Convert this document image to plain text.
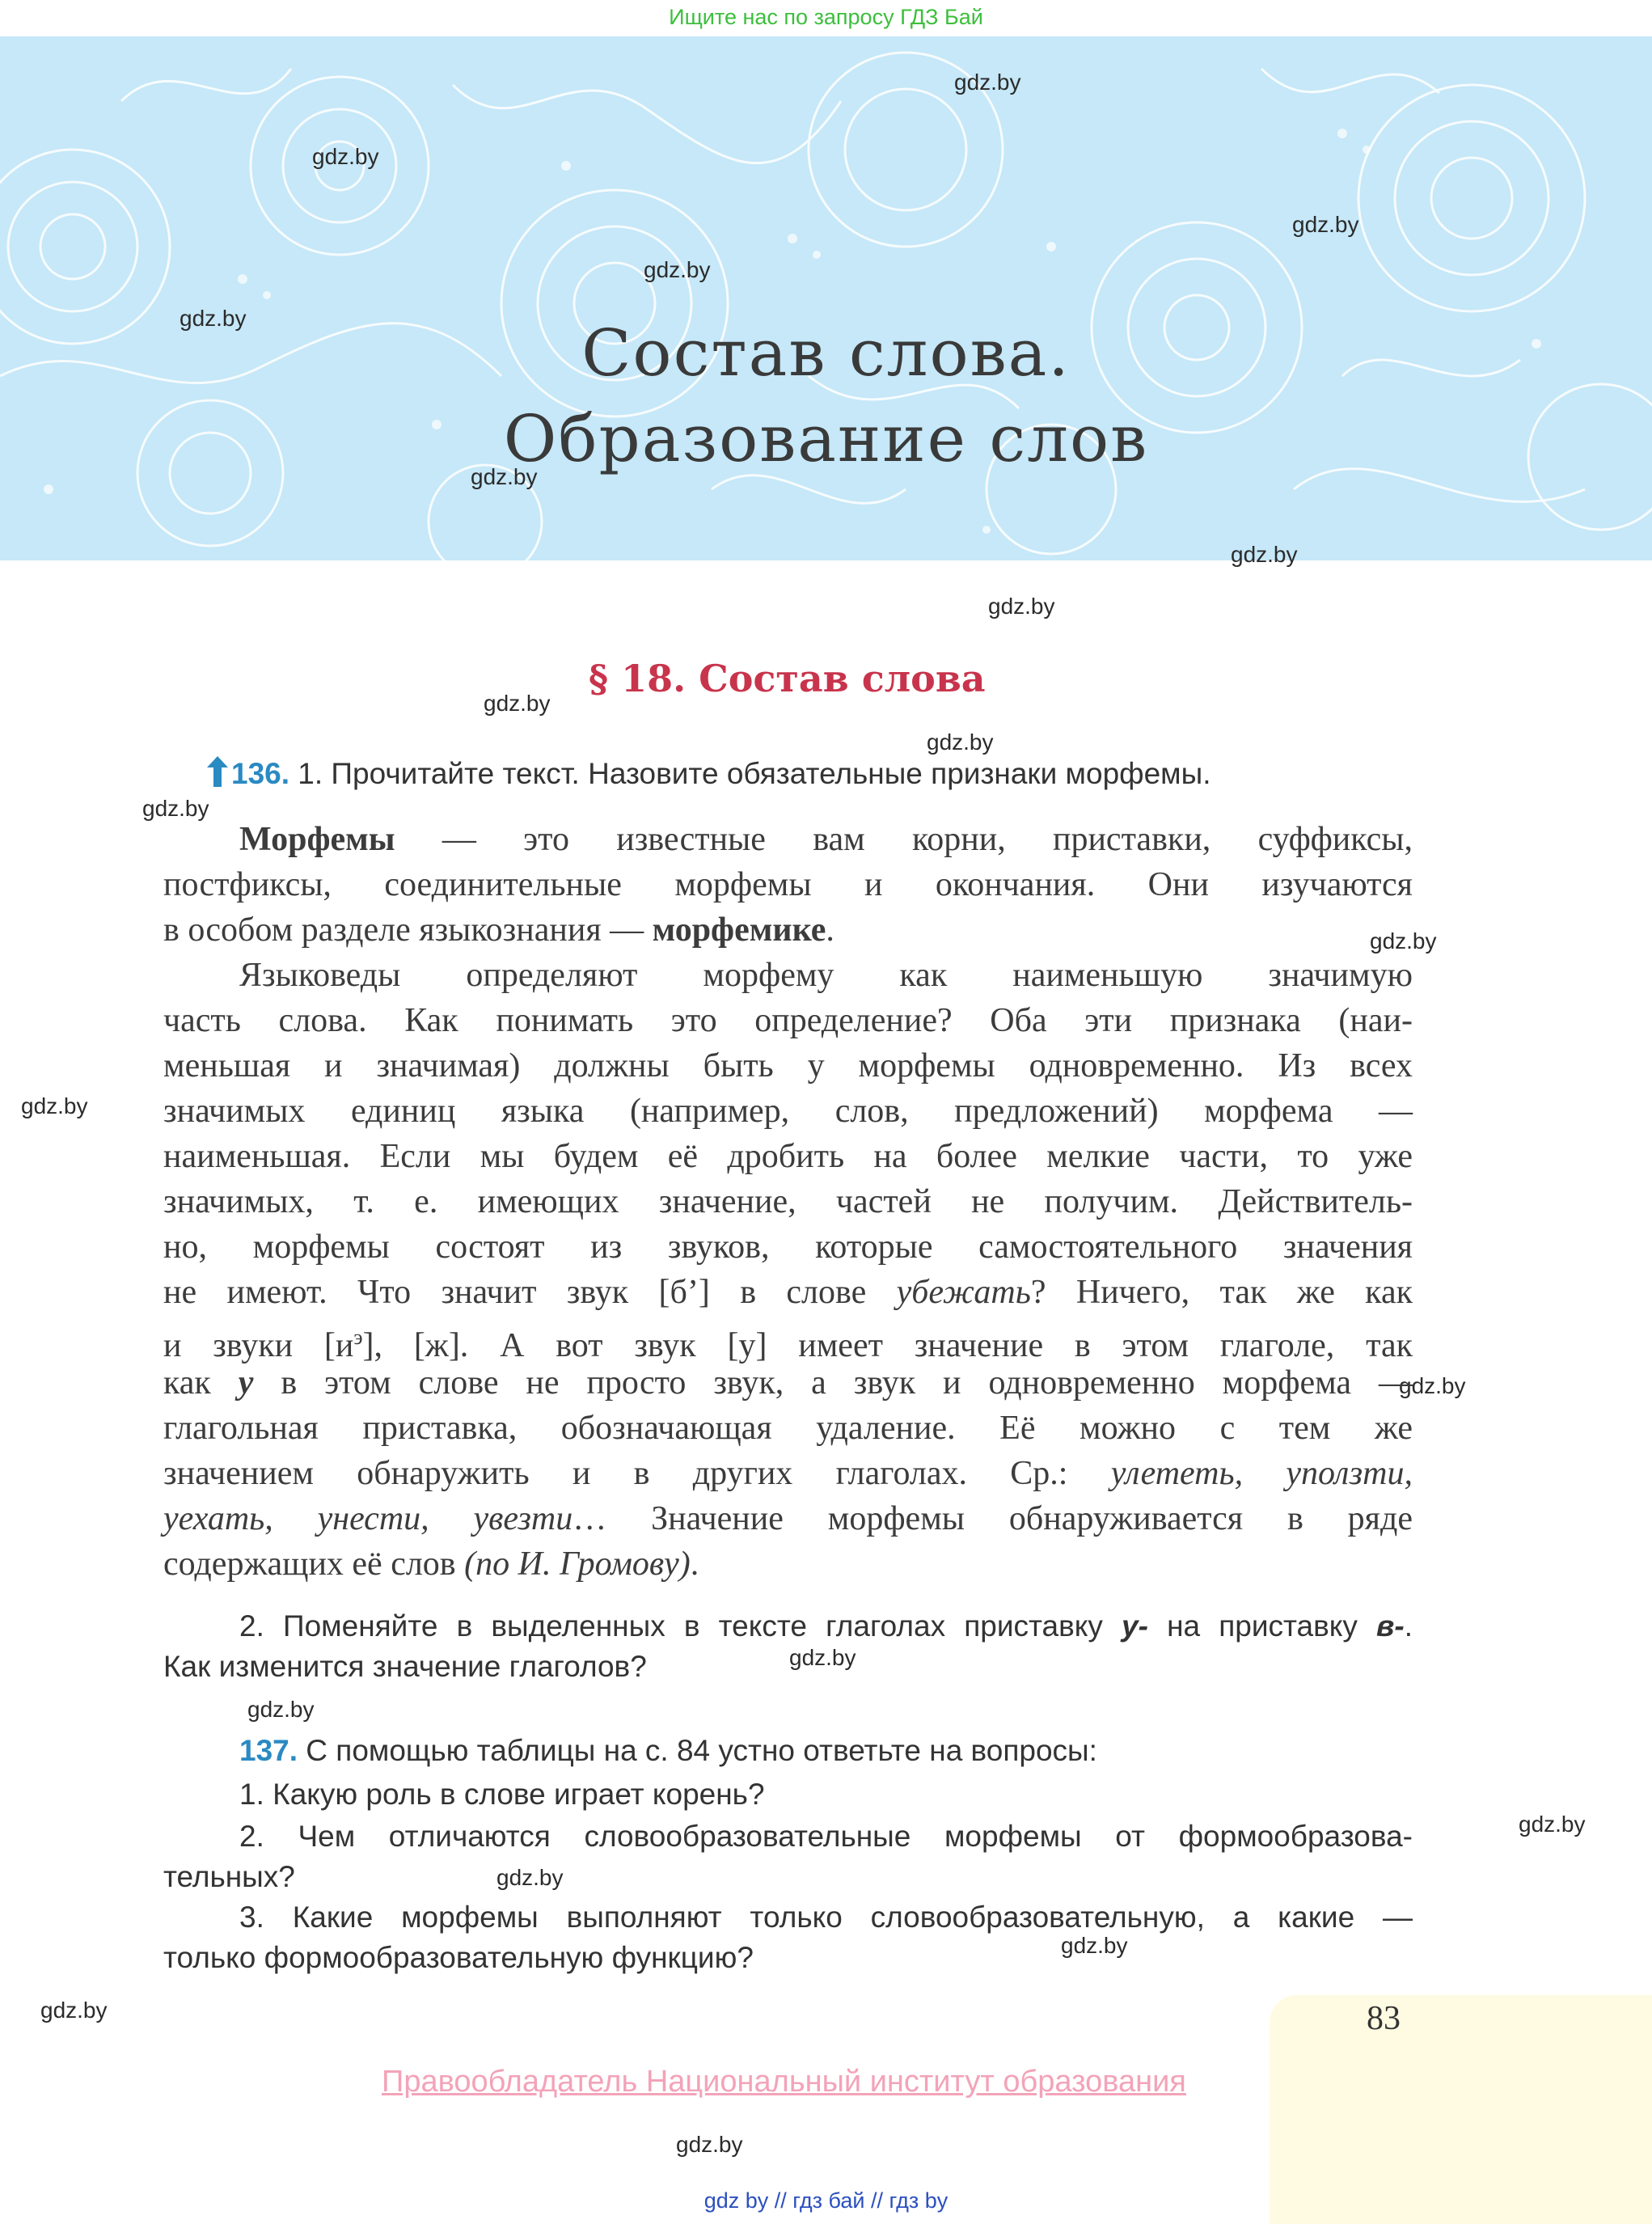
Ищите нас по запросу ГДЗ Бай
Состав слова.
Образование слов
gdz.by
gdz.by
gdz.by
gdz.by
gdz.by
gdz.by
gdz.by
gdz.by
gdz.by
gdz.by
gdz.by
gdz.by
gdz.by
gdz.by
gdz.by
gdz.by
gdz.by
gdz.by
gdz.by
gdz.by
gdz.by
§ 18. Состав слова
136. 1. Прочитайте текст. Назовите обязательные признаки морфемы.
Морфемы — это известные вам корни, приставки, суффиксы,
постфиксы, соединительные морфемы и окончания. Они изучаются
в особом разделе языкознания — морфемике.
Языковеды определяют морфему как наименьшую значимую
часть слова. Как понимать это определение? Оба эти признака (наи-
меньшая и значимая) должны быть у морфемы одновременно. Из всех
значимых единиц языка (например, слов, предложений) морфема —
наименьшая. Если мы будем её дробить на более мелкие части, то уже
значимых, т. е. имеющих значение, частей не получим. Действитель-
но, морфемы состоят из звуков, которые самостоятельного значения
не имеют. Что значит звук [б’] в слове убежать? Ничего, так же как
и звуки $[и^э]$, [ж]. А вот звук [у] имеет значение в этом глаголе, так
как у в этом слове не просто звук, а звук и одновременно морфема —
глагольная приставка, обозначающая удаление. Её можно с тем же
значением обнаружить и в других глаголах. Ср.: улететь, уползти,
уехать, унести, увезти… Значение морфемы обнаруживается в ряде
содержащих её слов (по И. Громову).
2. Поменяйте в выделенных в тексте глаголах приставку у- на приставку в-.
Как изменится значение глаголов?
137. С помощью таблицы на с. 84 устно ответьте на вопросы:
1. Какую роль в слове играет корень?
2. Чем отличаются словообразовательные морфемы от формообразова-
тельных?
3. Какие морфемы выполняют только словообразовательную, а какие —
только формообразовательную функцию?
83
Правообладатель Национальный институт образования
gdz by // гдз бай // гдз by
